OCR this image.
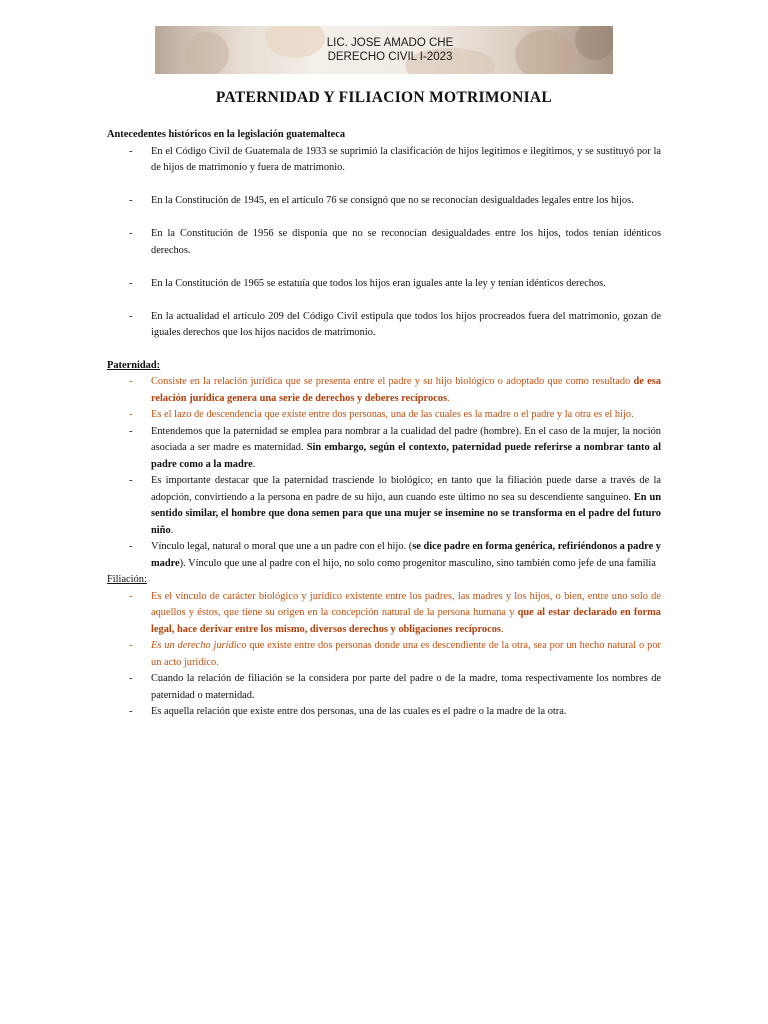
LIC. JOSE AMADO CHE
DERECHO CIVIL I-2023
PATERNIDAD Y FILIACION MOTRIMONIAL

Antecedentes históricos en la legislación guatemalteca

- En el Código Civil de Guatemala de 1933 se suprimió la clasificación de hijos legítimos e ilegítimos, y se sustituyó por la de hijos de matrimonio y fuera de matrimonio.
- En la Constitución de 1945, en el artículo 76 se consignó que no se reconocían desigualdades legales entre los hijos.
- En la Constitución de 1956 se disponía que no se reconocían desigualdades entre los hijos, todos tenían idénticos derechos.
- En la Constitución de 1965 se estatuía que todos los hijos eran iguales ante la ley y tenían idénticos derechos.
- En la actualidad el artículo 209 del Código Civil estipula que todos los hijos procreados fuera del matrimonio, gozan de iguales derechos que los hijos nacidos de matrimonio.

Paternidad:

- Consiste en la relación jurídica que se presenta entre el padre y su hijo biológico o adoptado que como resultado de esa relación jurídica genera una serie de derechos y deberes recíprocos.
- Es el lazo de descendencia que existe entre dos personas, una de las cuales es la madre o el padre y la otra es el hijo.
- Entendemos que la paternidad se emplea para nombrar a la cualidad del padre (hombre). En el caso de la mujer, la noción asociada a ser madre es maternidad. Sin embargo, según el contexto, paternidad puede referirse a nombrar tanto al padre como a la madre.
- Es importante destacar que la paternidad trasciende lo biológico; en tanto que la filiación puede darse a través de la adopción, convirtiendo a la persona en padre de su hijo, aun cuando este último no sea su descendiente sanguíneo. En un sentido similar, el hombre que dona semen para que una mujer se insemine no se transforma en el padre del futuro niño.
- Vínculo legal, natural o moral que une a un padre con el hijo. (se dice padre en forma genérica, refiriéndonos a padre y madre). Vínculo que une al padre con el hijo, no solo como progenitor masculino, sino también como jefe de una familia

Filiación:

- Es el vínculo de carácter biológico y jurídico existente entre los padres, las madres y los hijos, o bien, entre uno solo de aquellos y éstos, que tiene su origen en la concepción natural de la persona humana y que al estar declarado en forma legal, hace derivar entre los mismo, diversos derechos y obligaciones recíprocos.
- Es un derecho jurídico que existe entre dos personas donde una es descendiente de la otra, sea por un hecho natural o por un acto jurídico.
- Cuando la relación de filiación se la considera por parte del padre o de la madre, toma respectivamente los nombres de paternidad o maternidad.
- Es aquella relación que existe entre dos personas, una de las cuales es el padre o la madre de la otra.
